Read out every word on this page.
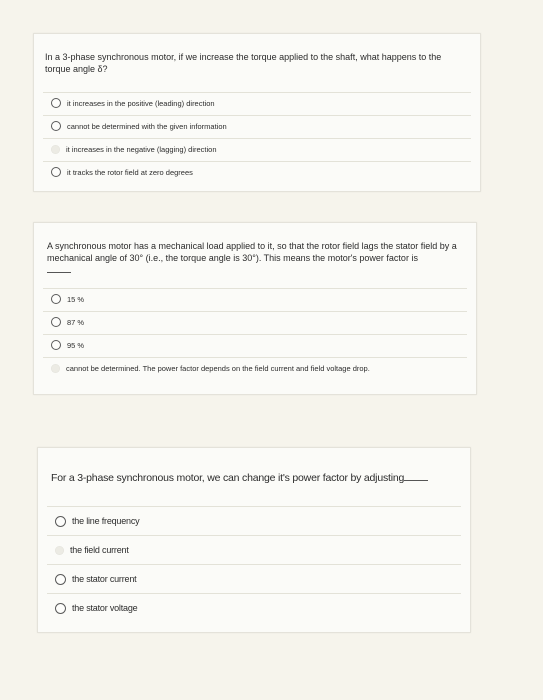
In a 3-phase synchronous motor, if we increase the torque applied to the shaft, what happens to the torque angle δ?

it increases in the positive (leading) direction
cannot be determined with the given information
it increases in the negative (lagging) direction
it tracks the rotor field at zero degrees

A synchronous motor has a mechanical load applied to it, so that the rotor field lags the stator field by a mechanical angle of 30° (i.e., the torque angle is 30°). This means the motor's power factor is

15 %
87 %
95 %
cannot be determined. The power factor depends on the field current and field voltage drop.

For a 3-phase synchronous motor, we can change it's power factor by adjusting

the line frequency
the field current
the stator current
the stator voltage
